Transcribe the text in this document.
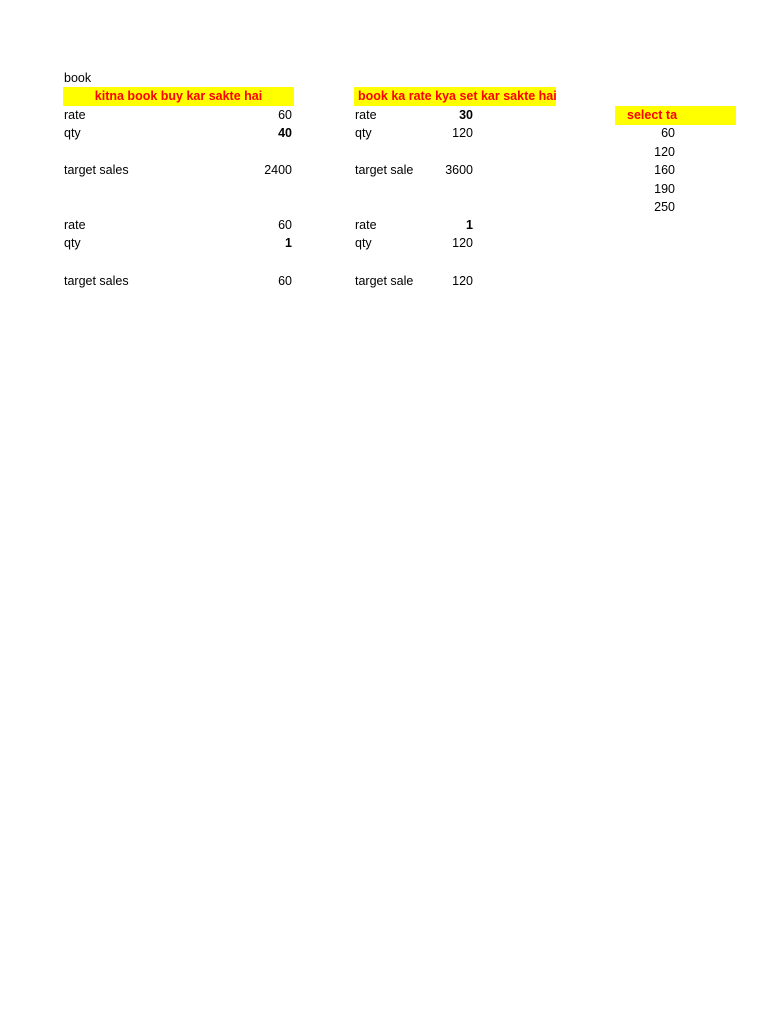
book
kitna book buy kar sakte hai
rate	60
qty	40
target sales	2400
book ka rate kya set kar sakte hai
rate	30
qty	120
target sale	3600
rate	60
qty	1
target sales	60
rate	1
qty	120
target sale	120
select ta
60
120
160
190
250
